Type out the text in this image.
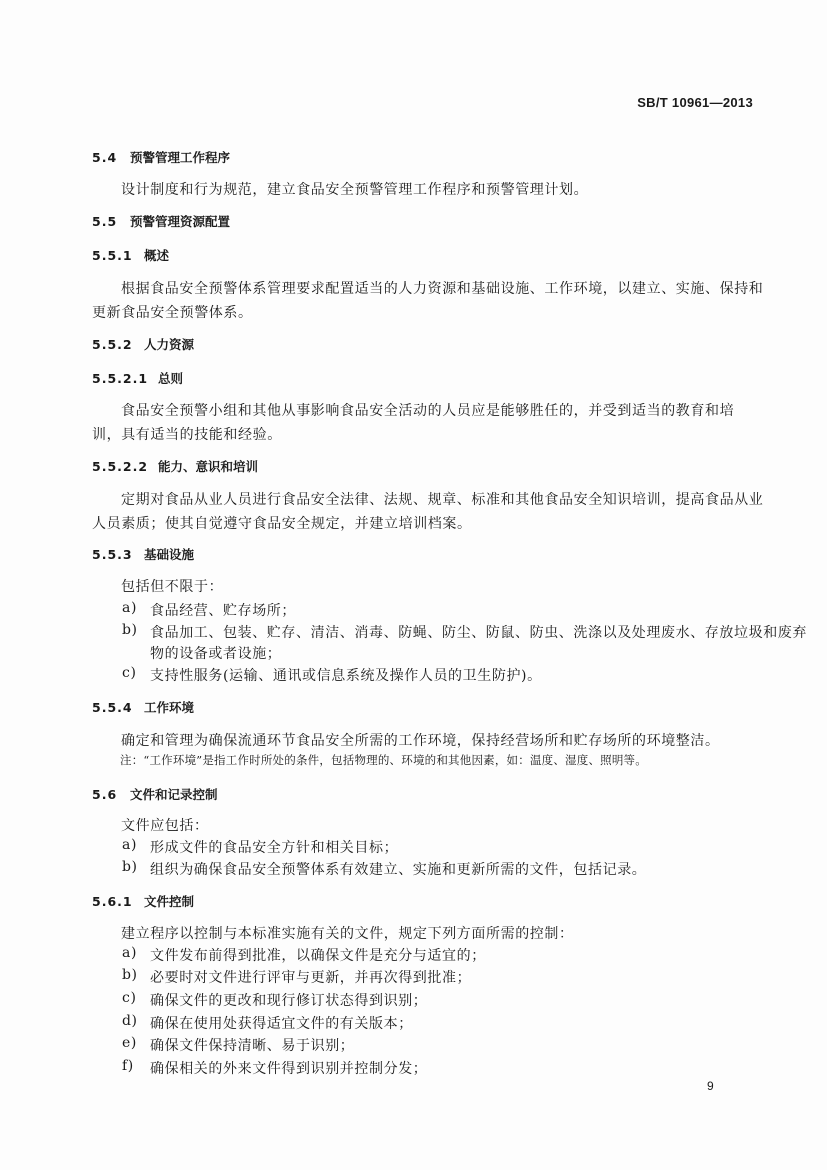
SB/T 10961—2013
5.4 预警管理工作程序
设计制度和行为规范，建立食品安全预警管理工作程序和预警管理计划。
5.5 预警管理资源配置
5.5.1 概述
根据食品安全预警体系管理要求配置适当的人力资源和基础设施、工作环境，以建立、实施、保持和
更新食品安全预警体系。
5.5.2 人力资源
5.5.2.1 总则
食品安全预警小组和其他从事影响食品安全活动的人员应是能够胜任的，并受到适当的教育和培
训，具有适当的技能和经验。
5.5.2.2 能力、意识和培训
定期对食品从业人员进行食品安全法律、法规、规章、标准和其他食品安全知识培训，提高食品从业
人员素质；使其自觉遵守食品安全规定，并建立培训档案。
5.5.3 基础设施
包括但不限于：
a) 食品经营、贮存场所；
b) 食品加工、包装、贮存、清洁、消毒、防蝇、防尘、防鼠、防虫、洗涤以及处理废水、存放垃圾和废弃
物的设备或者设施；
c) 支持性服务(运输、通讯或信息系统及操作人员的卫生防护)。
5.5.4 工作环境
确定和管理为确保流通环节食品安全所需的工作环境，保持经营场所和贮存场所的环境整洁。
注：“工作环境”是指工作时所处的条件，包括物理的、环境的和其他因素，如：温度、湿度、照明等。
5.6 文件和记录控制
文件应包括：
a) 形成文件的食品安全方针和相关目标；
b) 组织为确保食品安全预警体系有效建立、实施和更新所需的文件，包括记录。
5.6.1 文件控制
建立程序以控制与本标准实施有关的文件，规定下列方面所需的控制：
a) 文件发布前得到批准，以确保文件是充分与适宜的；
b) 必要时对文件进行评审与更新，并再次得到批准；
c) 确保文件的更改和现行修订状态得到识别；
d) 确保在使用处获得适宜文件的有关版本；
e) 确保文件保持清晰、易于识别；
f) 确保相关的外来文件得到识别并控制分发；
9
